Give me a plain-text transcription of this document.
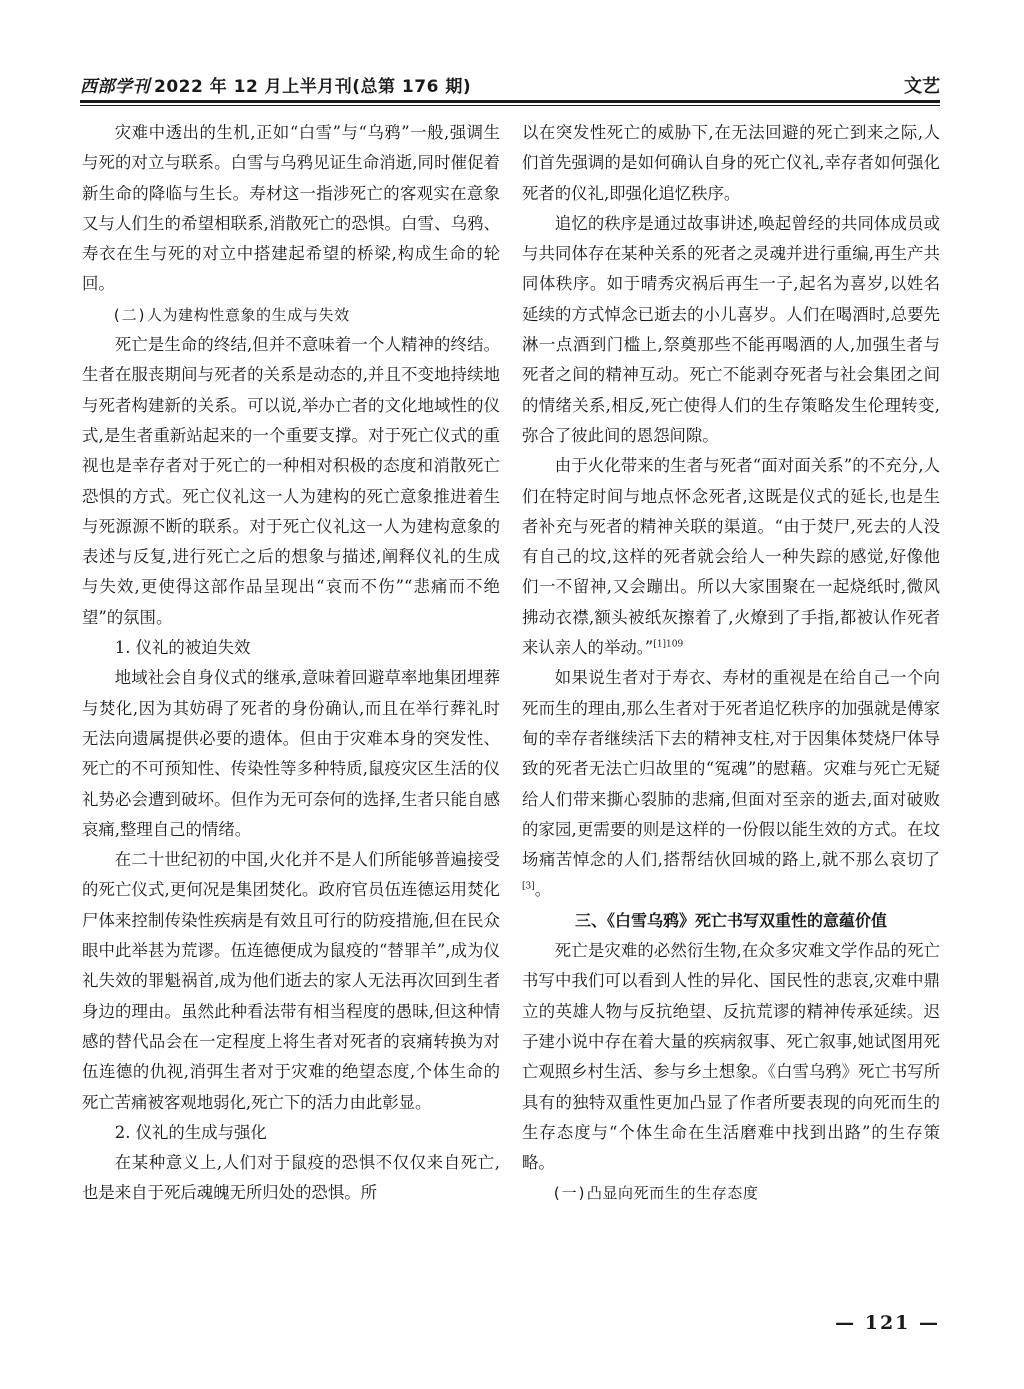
西部学刊 2022 年 12 月上半月刊(总第 176 期)	文艺

灾难中透出的生机,正如“白雪”与“乌鸦”一般,强调生与死的对立与联系。白雪与乌鸦见证生命消逝,同时催促着新生命的降临与生长。寿材这一指涉死亡的客观实在意象又与人们生的希望相联系,消散死亡的恐惧。白雪、乌鸦、寿衣在生与死的对立中搭建起希望的桥梁,构成生命的轮回。

(二)人为建构性意象的生成与失效

死亡是生命的终结,但并不意味着一个人精神的终结。生者在服丧期间与死者的关系是动态的,并且不变地持续地与死者构建新的关系。可以说,举办亡者的文化地域性的仪式,是生者重新站起来的一个重要支撑。对于死亡仪式的重视也是幸存者对于死亡的一种相对积极的态度和消散死亡恐惧的方式。死亡仪礼这一人为建构的死亡意象推进着生与死源源不断的联系。对于死亡仪礼这一人为建构意象的表述与反复,进行死亡之后的想象与描述,阐释仪礼的生成与失效,更使得这部作品呈现出“哀而不伤”“悲痛而不绝望”的氛围。

1. 仪礼的被迫失效

地域社会自身仪式的继承,意味着回避草率地集团埋葬与焚化,因为其妨碍了死者的身份确认,而且在举行葬礼时无法向遗属提供必要的遗体。但由于灾难本身的突发性、死亡的不可预知性、传染性等多种特质,鼠疫灾区生活的仪礼势必会遭到破坏。但作为无可奈何的选择,生者只能自感哀痛,整理自己的情绪。

在二十世纪初的中国,火化并不是人们所能够普遍接受的死亡仪式,更何况是集团焚化。政府官员伍连德运用焚化尸体来控制传染性疾病是有效且可行的防疫措施,但在民众眼中此举甚为荒谬。伍连德便成为鼠疫的“替罪羊”,成为仪礼失效的罪魁祸首,成为他们逝去的家人无法再次回到生者身边的理由。虽然此种看法带有相当程度的愚昧,但这种情感的替代品会在一定程度上将生者对死者的哀痛转换为对伍连德的仇视,消弭生者对于灾难的绝望态度,个体生命的死亡苦痛被客观地弱化,死亡下的活力由此彰显。

2. 仪礼的生成与强化

在某种意义上,人们对于鼠疫的恐惧不仅仅来自死亡,也是来自于死后魂魄无所归处的恐惧。所

以在突发性死亡的威胁下,在无法回避的死亡到来之际,人们首先强调的是如何确认自身的死亡仪礼,幸存者如何强化死者的仪礼,即强化追忆秩序。

追忆的秩序是通过故事讲述,唤起曾经的共同体成员或与共同体存在某种关系的死者之灵魂并进行重编,再生产共同体秩序。如于晴秀灾祸后再生一子,起名为喜岁,以姓名延续的方式悼念已逝去的小儿喜岁。人们在喝酒时,总要先淋一点酒到门槛上,祭奠那些不能再喝酒的人,加强生者与死者之间的精神互动。死亡不能剥夺死者与社会集团之间的情绪关系,相反,死亡使得人们的生存策略发生伦理转变,弥合了彼此间的恩怨间隙。

由于火化带来的生者与死者“面对面关系”的不充分,人们在特定时间与地点怀念死者,这既是仪式的延长,也是生者补充与死者的精神关联的渠道。“由于焚尸,死去的人没有自己的坟,这样的死者就会给人一种失踪的感觉,好像他们一不留神,又会蹦出。所以大家围聚在一起烧纸时,微风拂动衣襟,额头被纸灰擦着了,火燎到了手指,都被认作死者来认亲人的举动。”$^{[1]109}$

如果说生者对于寿衣、寿材的重视是在给自己一个向死而生的理由,那么生者对于死者追忆秩序的加强就是傅家甸的幸存者继续活下去的精神支柱,对于因集体焚烧尸体导致的死者无法亡归故里的“冤魂”的慰藉。灾难与死亡无疑给人们带来撕心裂肺的悲痛,但面对至亲的逝去,面对破败的家园,更需要的则是这样的一份假以能生效的方式。在坟场痛苦悼念的人们,搭帮结伙回城的路上,就不那么哀切了[3]。

三、《白雪乌鸦》死亡书写双重性的意蕴价值

死亡是灾难的必然衍生物,在众多灾难文学作品的死亡书写中我们可以看到人性的异化、国民性的悲哀,灾难中鼎立的英雄人物与反抗绝望、反抗荒谬的精神传承延续。迟子建小说中存在着大量的疾病叙事、死亡叙事,她试图用死亡观照乡村生活、参与乡土想象。《白雪乌鸦》死亡书写所具有的独特双重性更加凸显了作者所要表现的向死而生的生存态度与“个体生命在生活磨难中找到出路”的生存策略。

(一)凸显向死而生的生存态度

— 121 —
